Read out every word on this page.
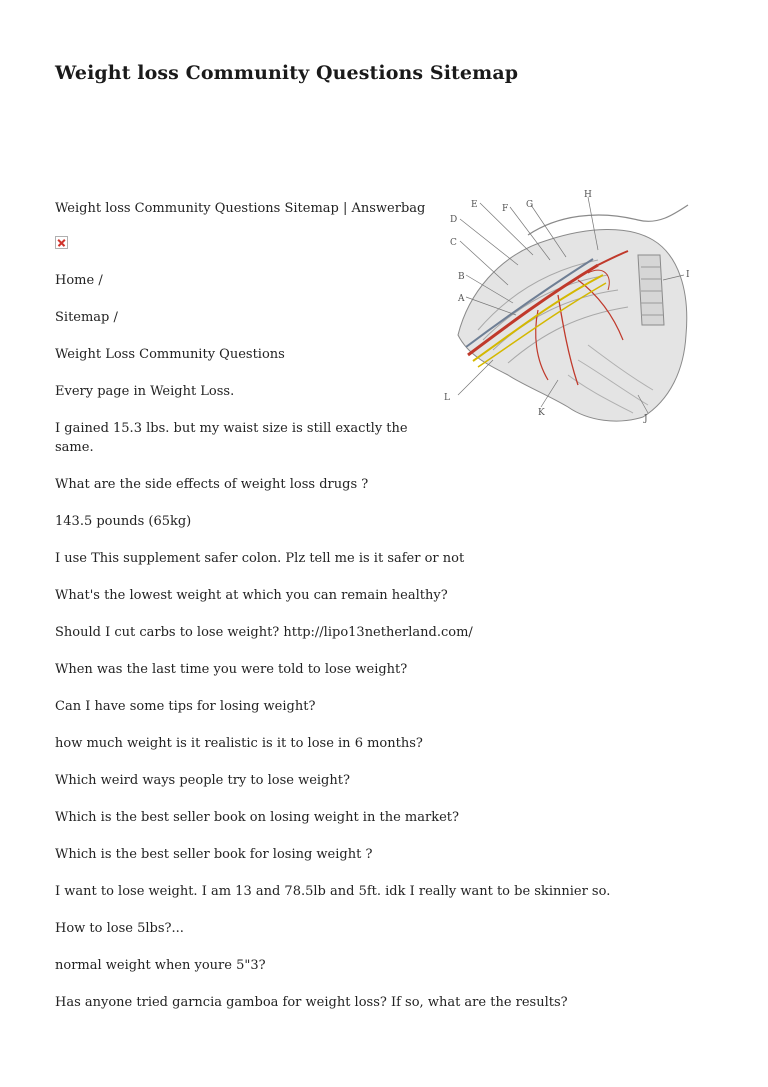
Weight loss Community Questions Sitemap
A
B
C
D
E	F G
H
I
J
K
L

Weight loss Community Questions Sitemap | Answerbag

Home /

Sitemap /

Weight Loss Community Questions

Every page in Weight Loss.

I gained 15.3 lbs. but my waist size is still exactly the same.

What are the side effects of weight loss drugs ?

143.5 pounds (65kg)

I use This supplement safer colon. Plz tell me is it safer or not

What's the lowest weight at which you can remain healthy?

Should I cut carbs to lose weight? http://lipo13netherland.com/

When was the last time you were told to lose weight?

Can I have some tips for losing weight?

how much weight is it realistic is it to lose in 6 months?

Which weird ways people try to lose weight?

Which is the best seller book on losing weight in the market?

Which is the best seller book for losing weight ?

I want to lose weight. I am 13 and 78.5lb and 5ft. idk I really want to be skinnier so.

How to lose 5lbs?...

normal weight when youre 5"3?

Has anyone tried garncia gamboa for weight loss? If so, what are the results?
